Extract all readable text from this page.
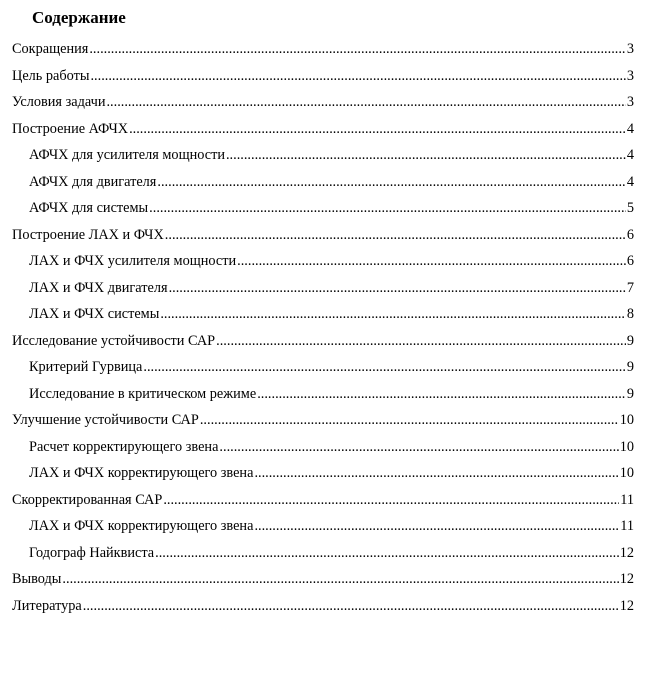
Содержание
Сокращения .....	3
Цель работы .....	3
Условия задачи .....	3
Построение АФЧХ .....	4
АФЧХ для усилителя мощности .....	4
АФЧХ для двигателя .....	4
АФЧХ для системы .....	5
Построение ЛАХ и ФЧХ .....	6
ЛАХ и ФЧХ усилителя мощности .....	6
ЛАХ и ФЧХ двигателя .....	7
ЛАХ и ФЧХ системы .....	8
Исследование устойчивости САР .....	9
Критерий Гурвица .....	9
Исследование в критическом режиме .....	9
Улучшение устойчивости САР .....	10
Расчет корректирующего звена .....	10
ЛАХ и ФЧХ корректирующего звена .....	10
Скорректированная САР .....	11
ЛАХ и ФЧХ корректирующего звена .....	11
Годограф Найквиста .....	12
Выводы .....	12
Литература .....	12
